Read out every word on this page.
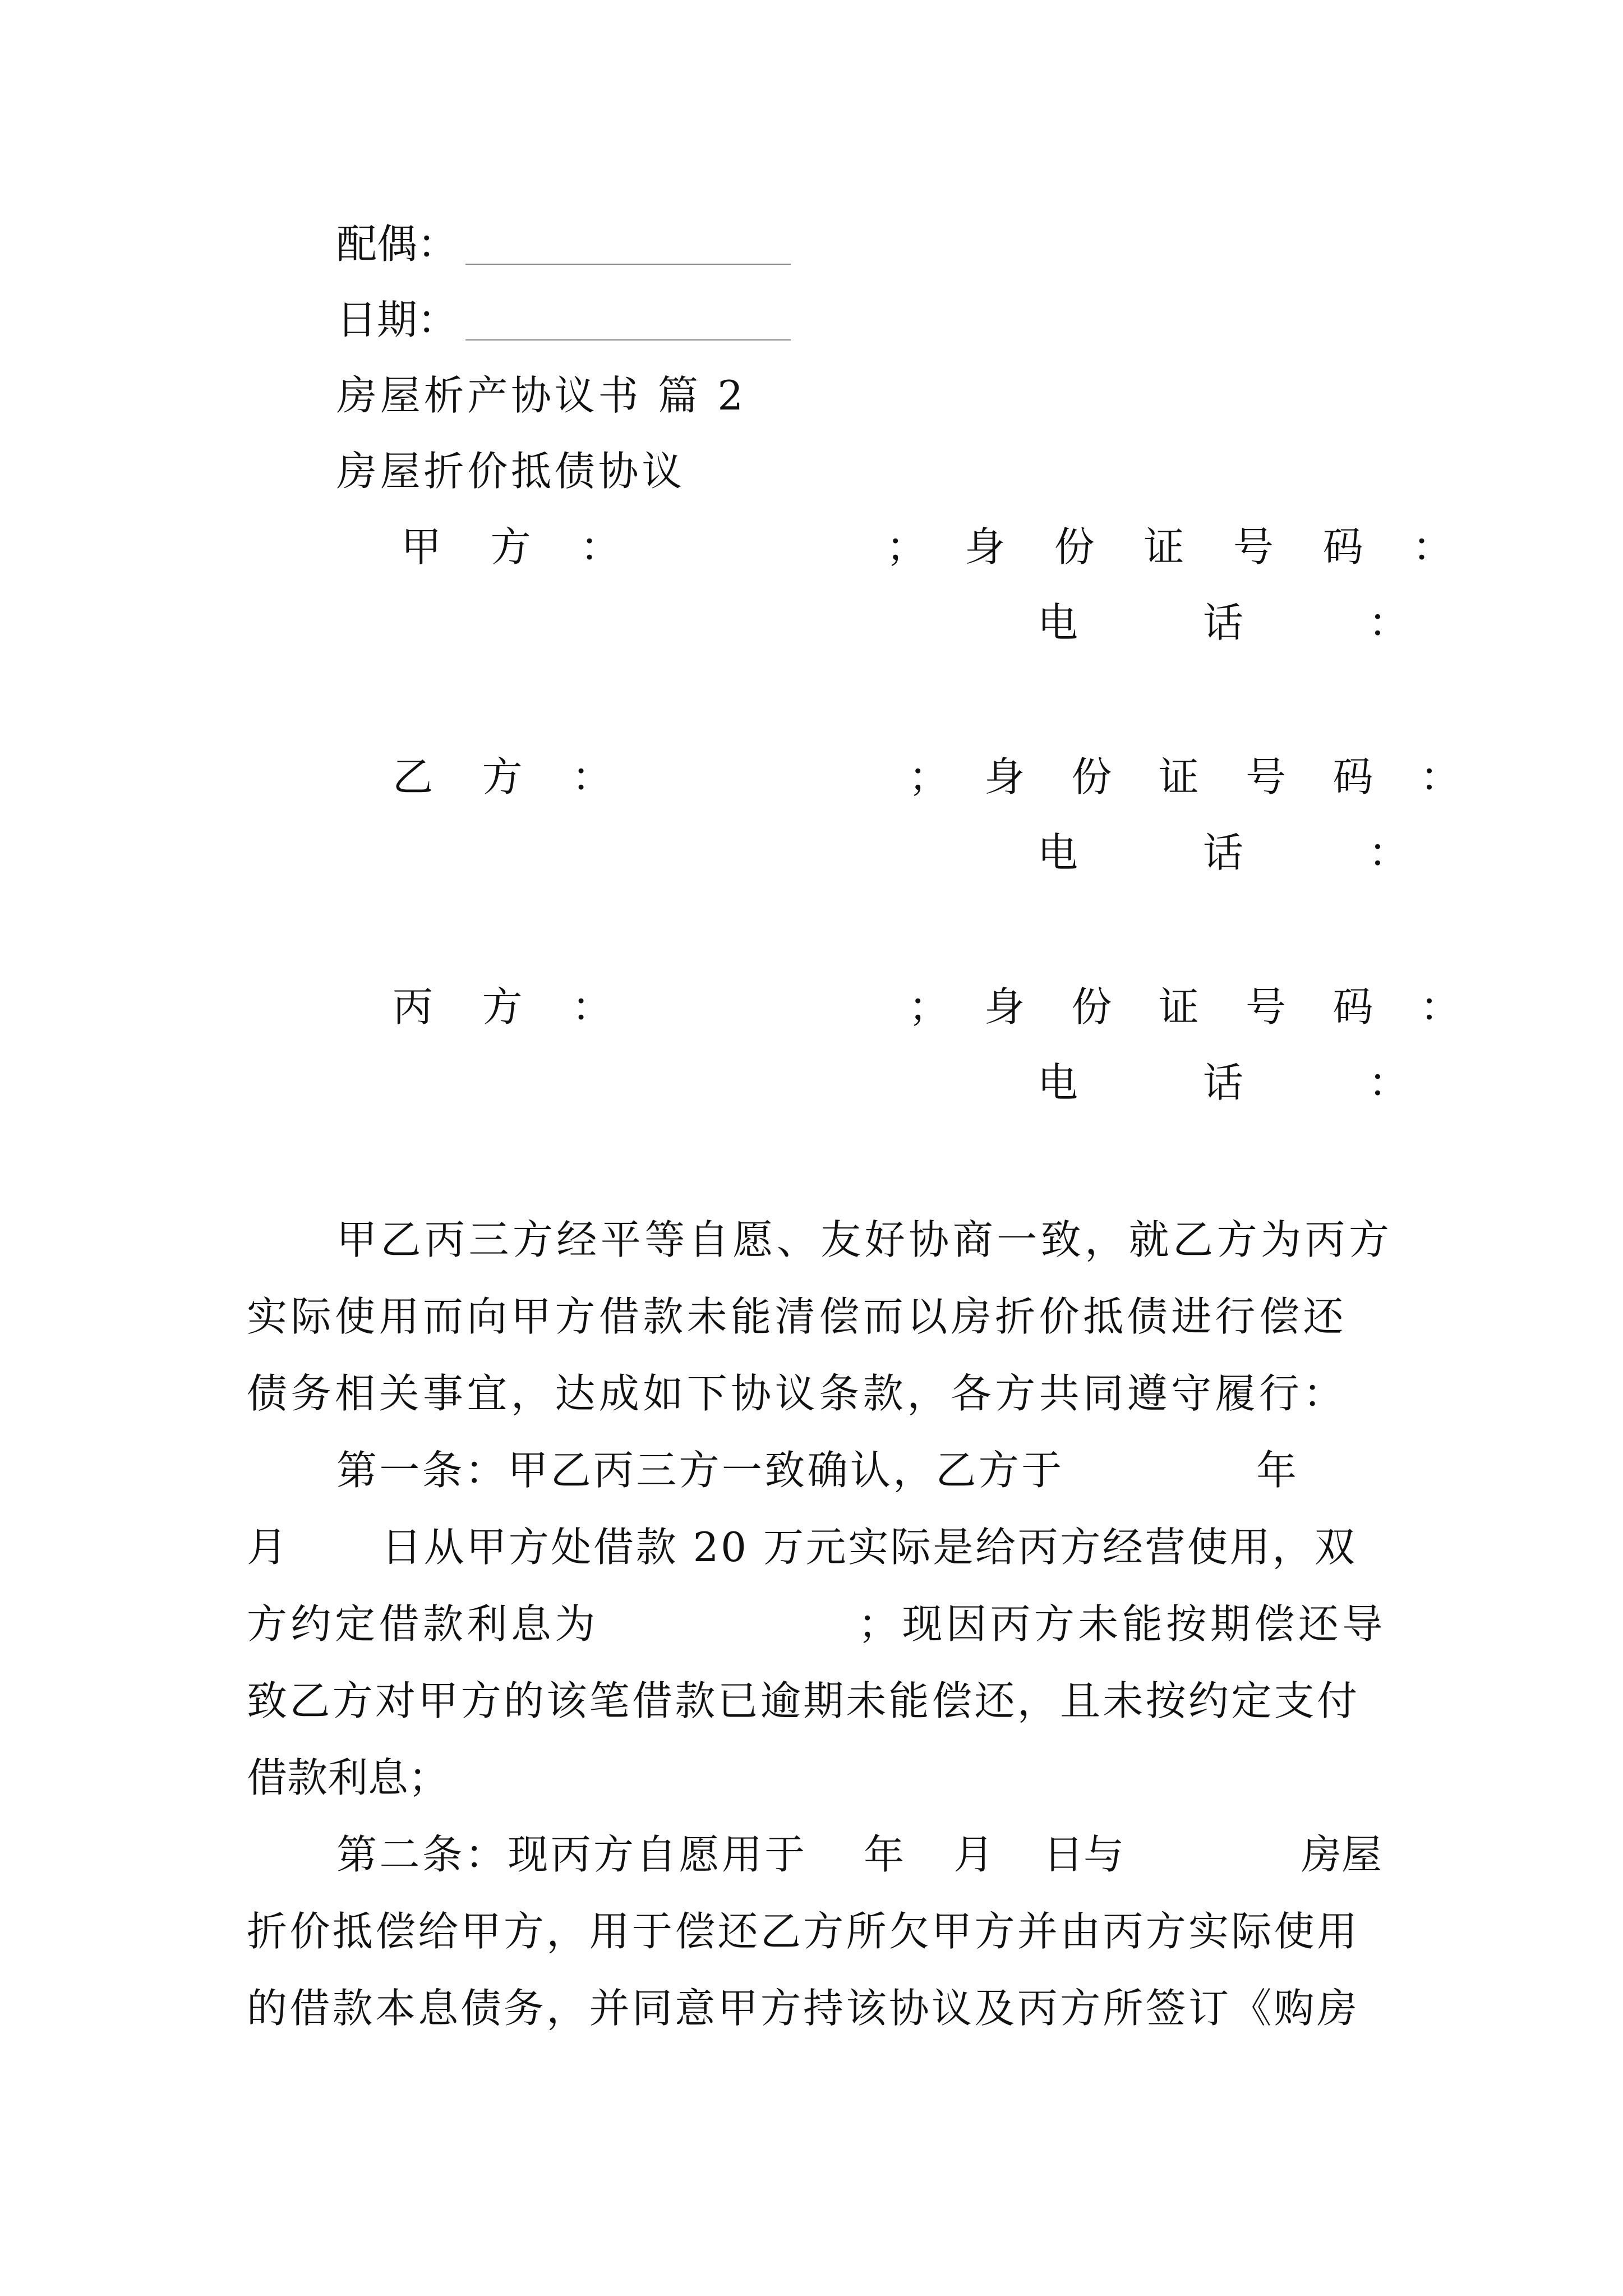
配偶：
日期：
房屋析产协议书 篇 2
房屋折价抵债协议
甲 方 ：	； 身 份 证 号 码 ：
电 话 ：
乙 方 ：	； 身 份 证 号 码 ：
电 话 ：
丙 方 ：	； 身 份 证 号 码 ：
电 话 ：
甲乙丙三方经平等自愿、友好协商一致，就乙方为丙方
实际使用而向甲方借款未能清偿而以房折价抵债进行偿还
债务相关事宜，达成如下协议条款，各方共同遵守履行：
第一条：甲乙丙三方一致确认，乙方于	年
月 日从甲方处借款 20 万元实际是给丙方经营使用，双
方约定借款利息为	；现因丙方未能按期偿还导
致乙方对甲方的该笔借款已逾期未能偿还，且未按约定支付
借款利息；
第二条：现丙方自愿用于 年 月 日与	房屋
折价抵偿给甲方，用于偿还乙方所欠甲方并由丙方实际使用
的借款本息债务，并同意甲方持该协议及丙方所签订《购房
